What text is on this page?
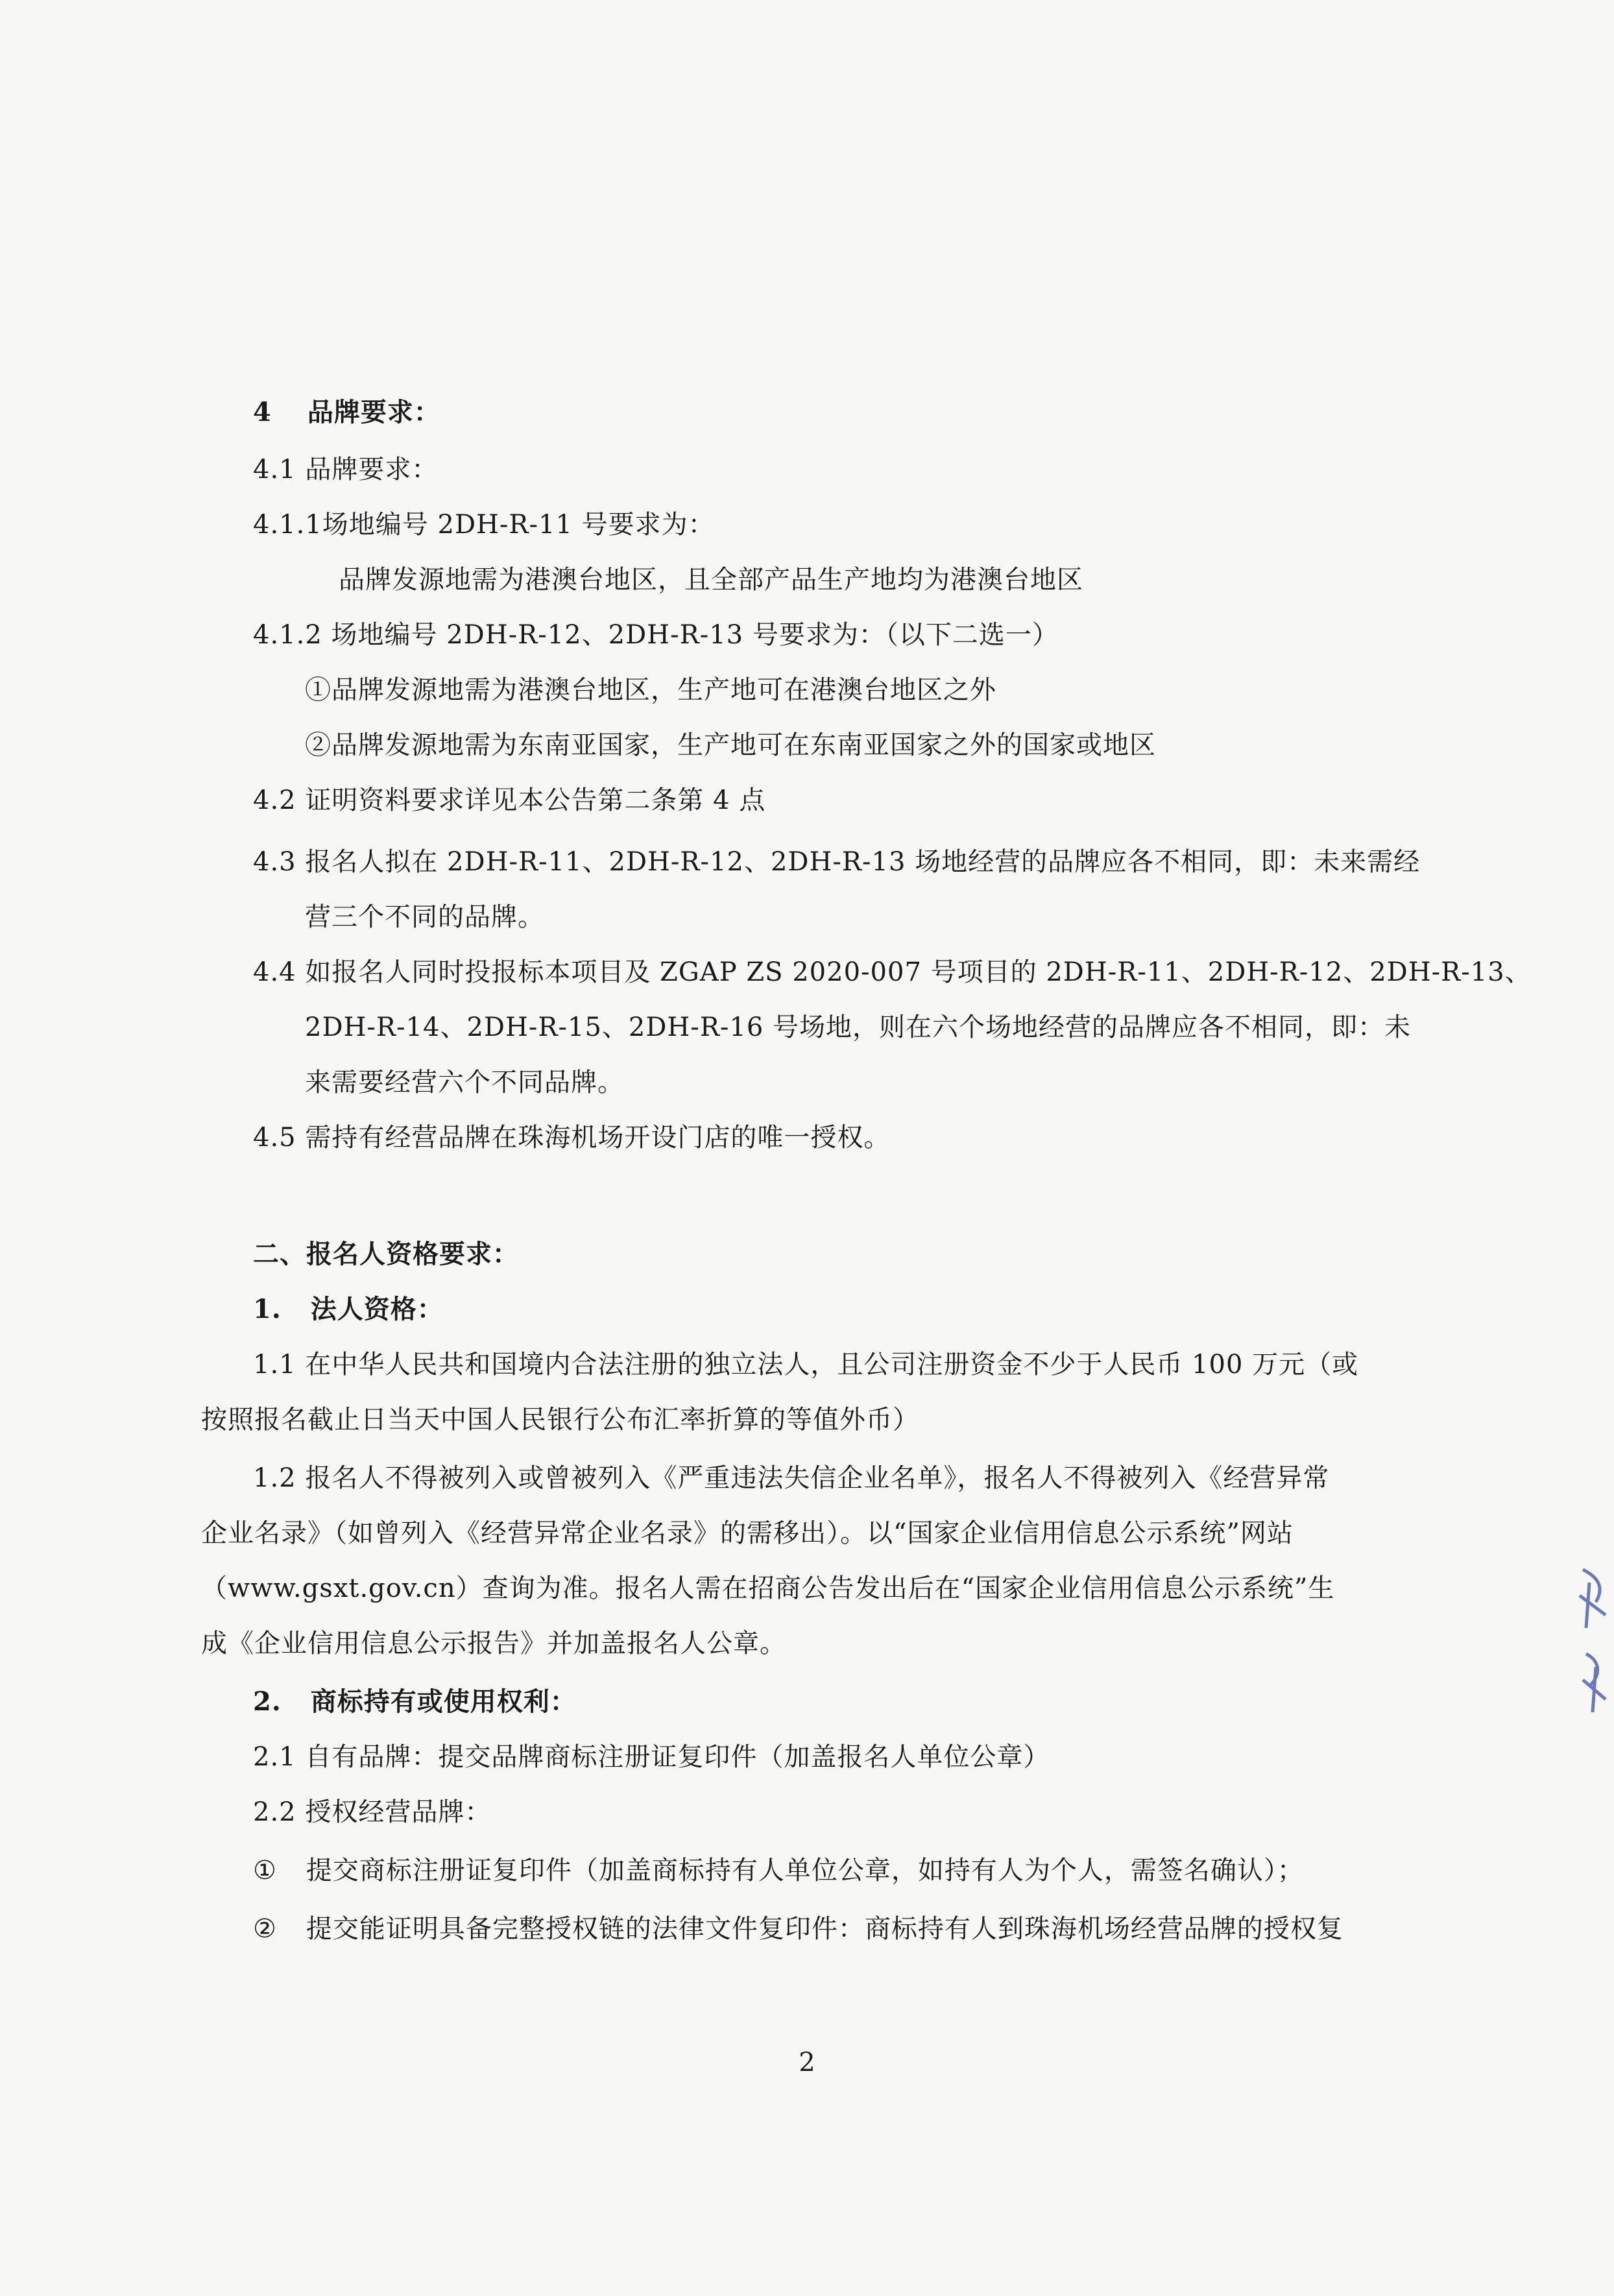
4 品牌要求：
4.1 品牌要求：
4.1.1场地编号 2DH-R-11 号要求为：
品牌发源地需为港澳台地区，且全部产品生产地均为港澳台地区
4.1.2 场地编号 2DH-R-12、2DH-R-13 号要求为：（以下二选一）
①品牌发源地需为港澳台地区，生产地可在港澳台地区之外
②品牌发源地需为东南亚国家，生产地可在东南亚国家之外的国家或地区
4.2 证明资料要求详见本公告第二条第 4 点
4.3 报名人拟在 2DH-R-11、2DH-R-12、2DH-R-13 场地经营的品牌应各不相同，即：未来需经
营三个不同的品牌。
4.4 如报名人同时投报标本项目及 ZGAP ZS 2020-007 号项目的 2DH-R-11、2DH-R-12、2DH-R-13、
2DH-R-14、2DH-R-15、2DH-R-16 号场地，则在六个场地经营的品牌应各不相同，即：未
来需要经营六个不同品牌。
4.5 需持有经营品牌在珠海机场开设门店的唯一授权。
二、报名人资格要求：
1. 法人资格：
1.1 在中华人民共和国境内合法注册的独立法人，且公司注册资金不少于人民币 100 万元（或
按照报名截止日当天中国人民银行公布汇率折算的等值外币）
1.2 报名人不得被列入或曾被列入《严重违法失信企业名单》，报名人不得被列入《经营异常
企业名录》（如曾列入《经营异常企业名录》的需移出）。以“国家企业信用信息公示系统”网站
（www.gsxt.gov.cn）查询为准。报名人需在招商公告发出后在“国家企业信用信息公示系统”生
成《企业信用信息公示报告》并加盖报名人公章。
2. 商标持有或使用权利：
2.1 自有品牌：提交品牌商标注册证复印件（加盖报名人单位公章）
2.2 授权经营品牌：
① 提交商标注册证复印件（加盖商标持有人单位公章，如持有人为个人，需签名确认）；
② 提交能证明具备完整授权链的法律文件复印件：商标持有人到珠海机场经营品牌的授权复
2
